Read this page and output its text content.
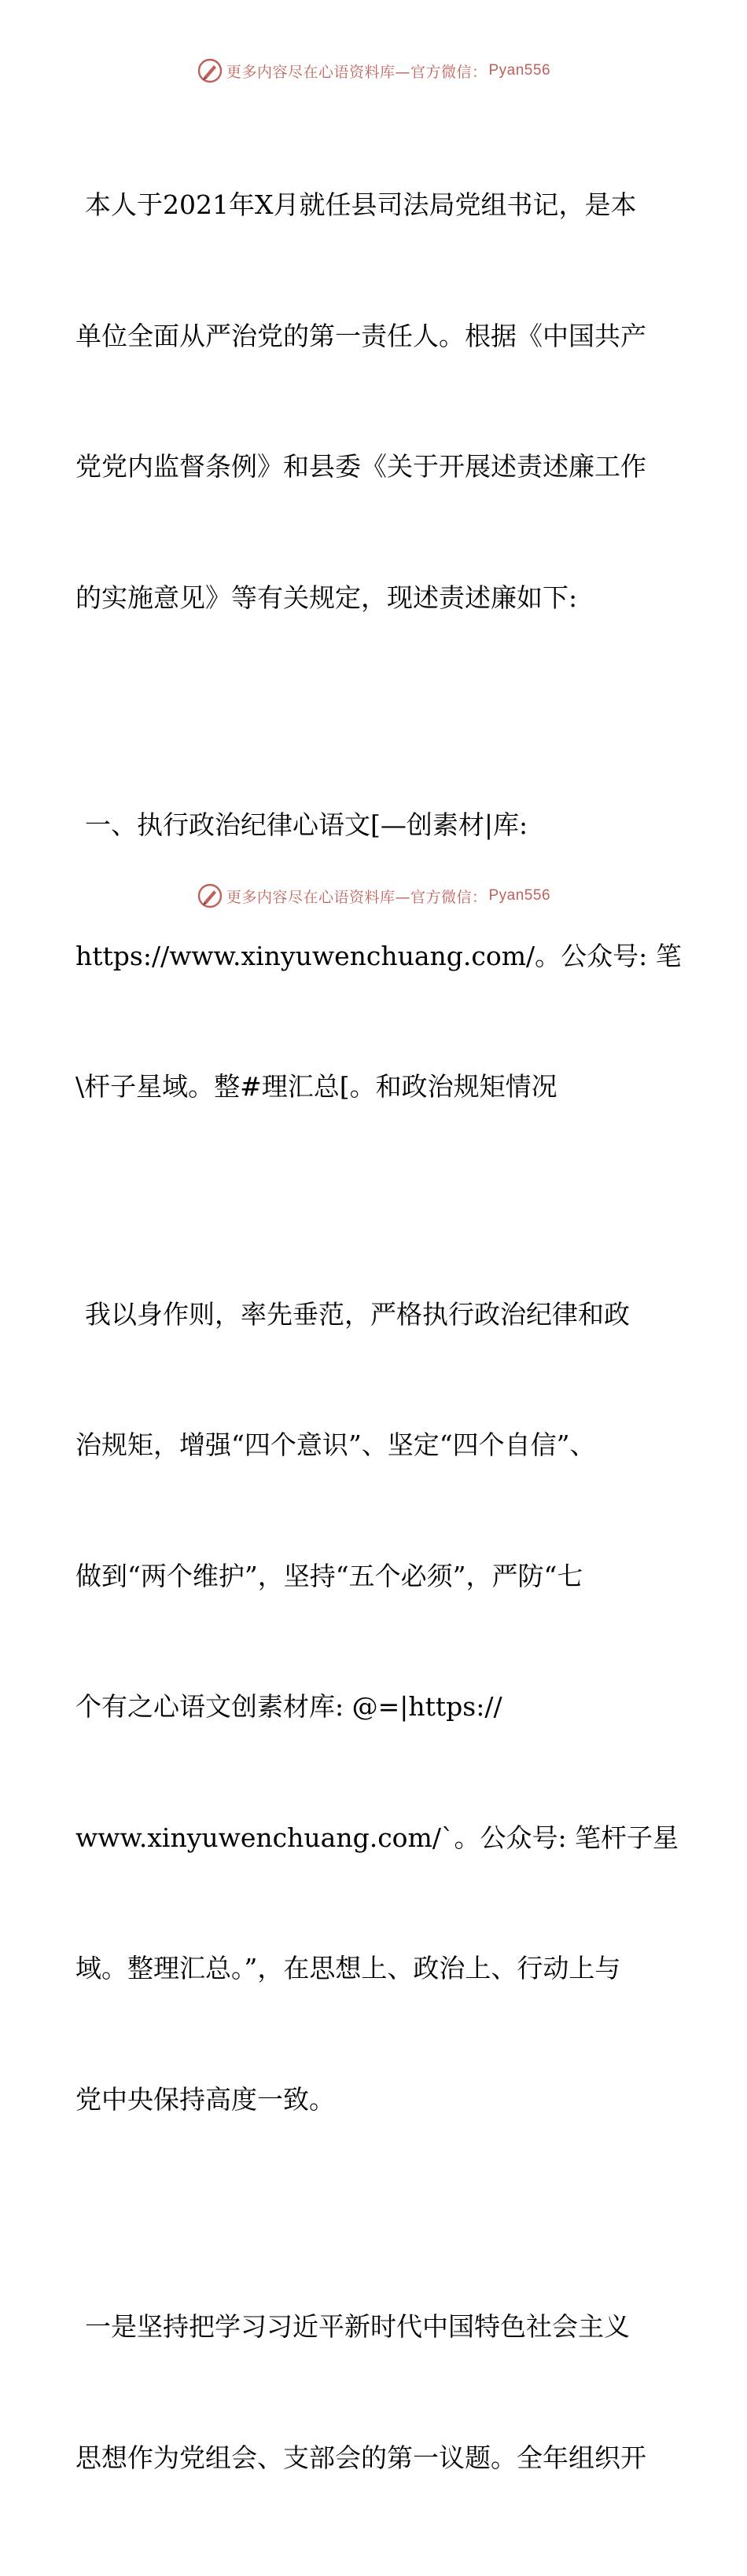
更多内容尽在心语资料库—官方微信： Pyan556

本人于2021年X月就任县司法局党组书记，是本

单位全面从严治党的第一责任人。根据《中国共产

党党内监督条例》和县委《关于开展述责述廉工作

的实施意见》等有关规定，现述责述廉如下:

一、执行政治纪律心语文[—创素材|库:

https://www.xinyuwenchuang.com/。公众号: 笔

\杆子星域。整#理汇总[。和政治规矩情况

我以身作则，率先垂范，严格执行政治纪律和政

治规矩，增强“四个意识”、坚定“四个自信”、

做到“两个维护”，坚持“五个必须”，严防“七

个有之心语文创素材库: @=|https://

www.xinyuwenchuang.com/`。公众号: 笔杆子星

域。整理汇总。”，在思想上、政治上、行动上与

党中央保持高度一致。

一是坚持把学习习近平新时代中国特色社会主义

思想作为党组会、支部会的第一议题。全年组织开

更多内容尽在心语资料库—官方微信： Pyan556
